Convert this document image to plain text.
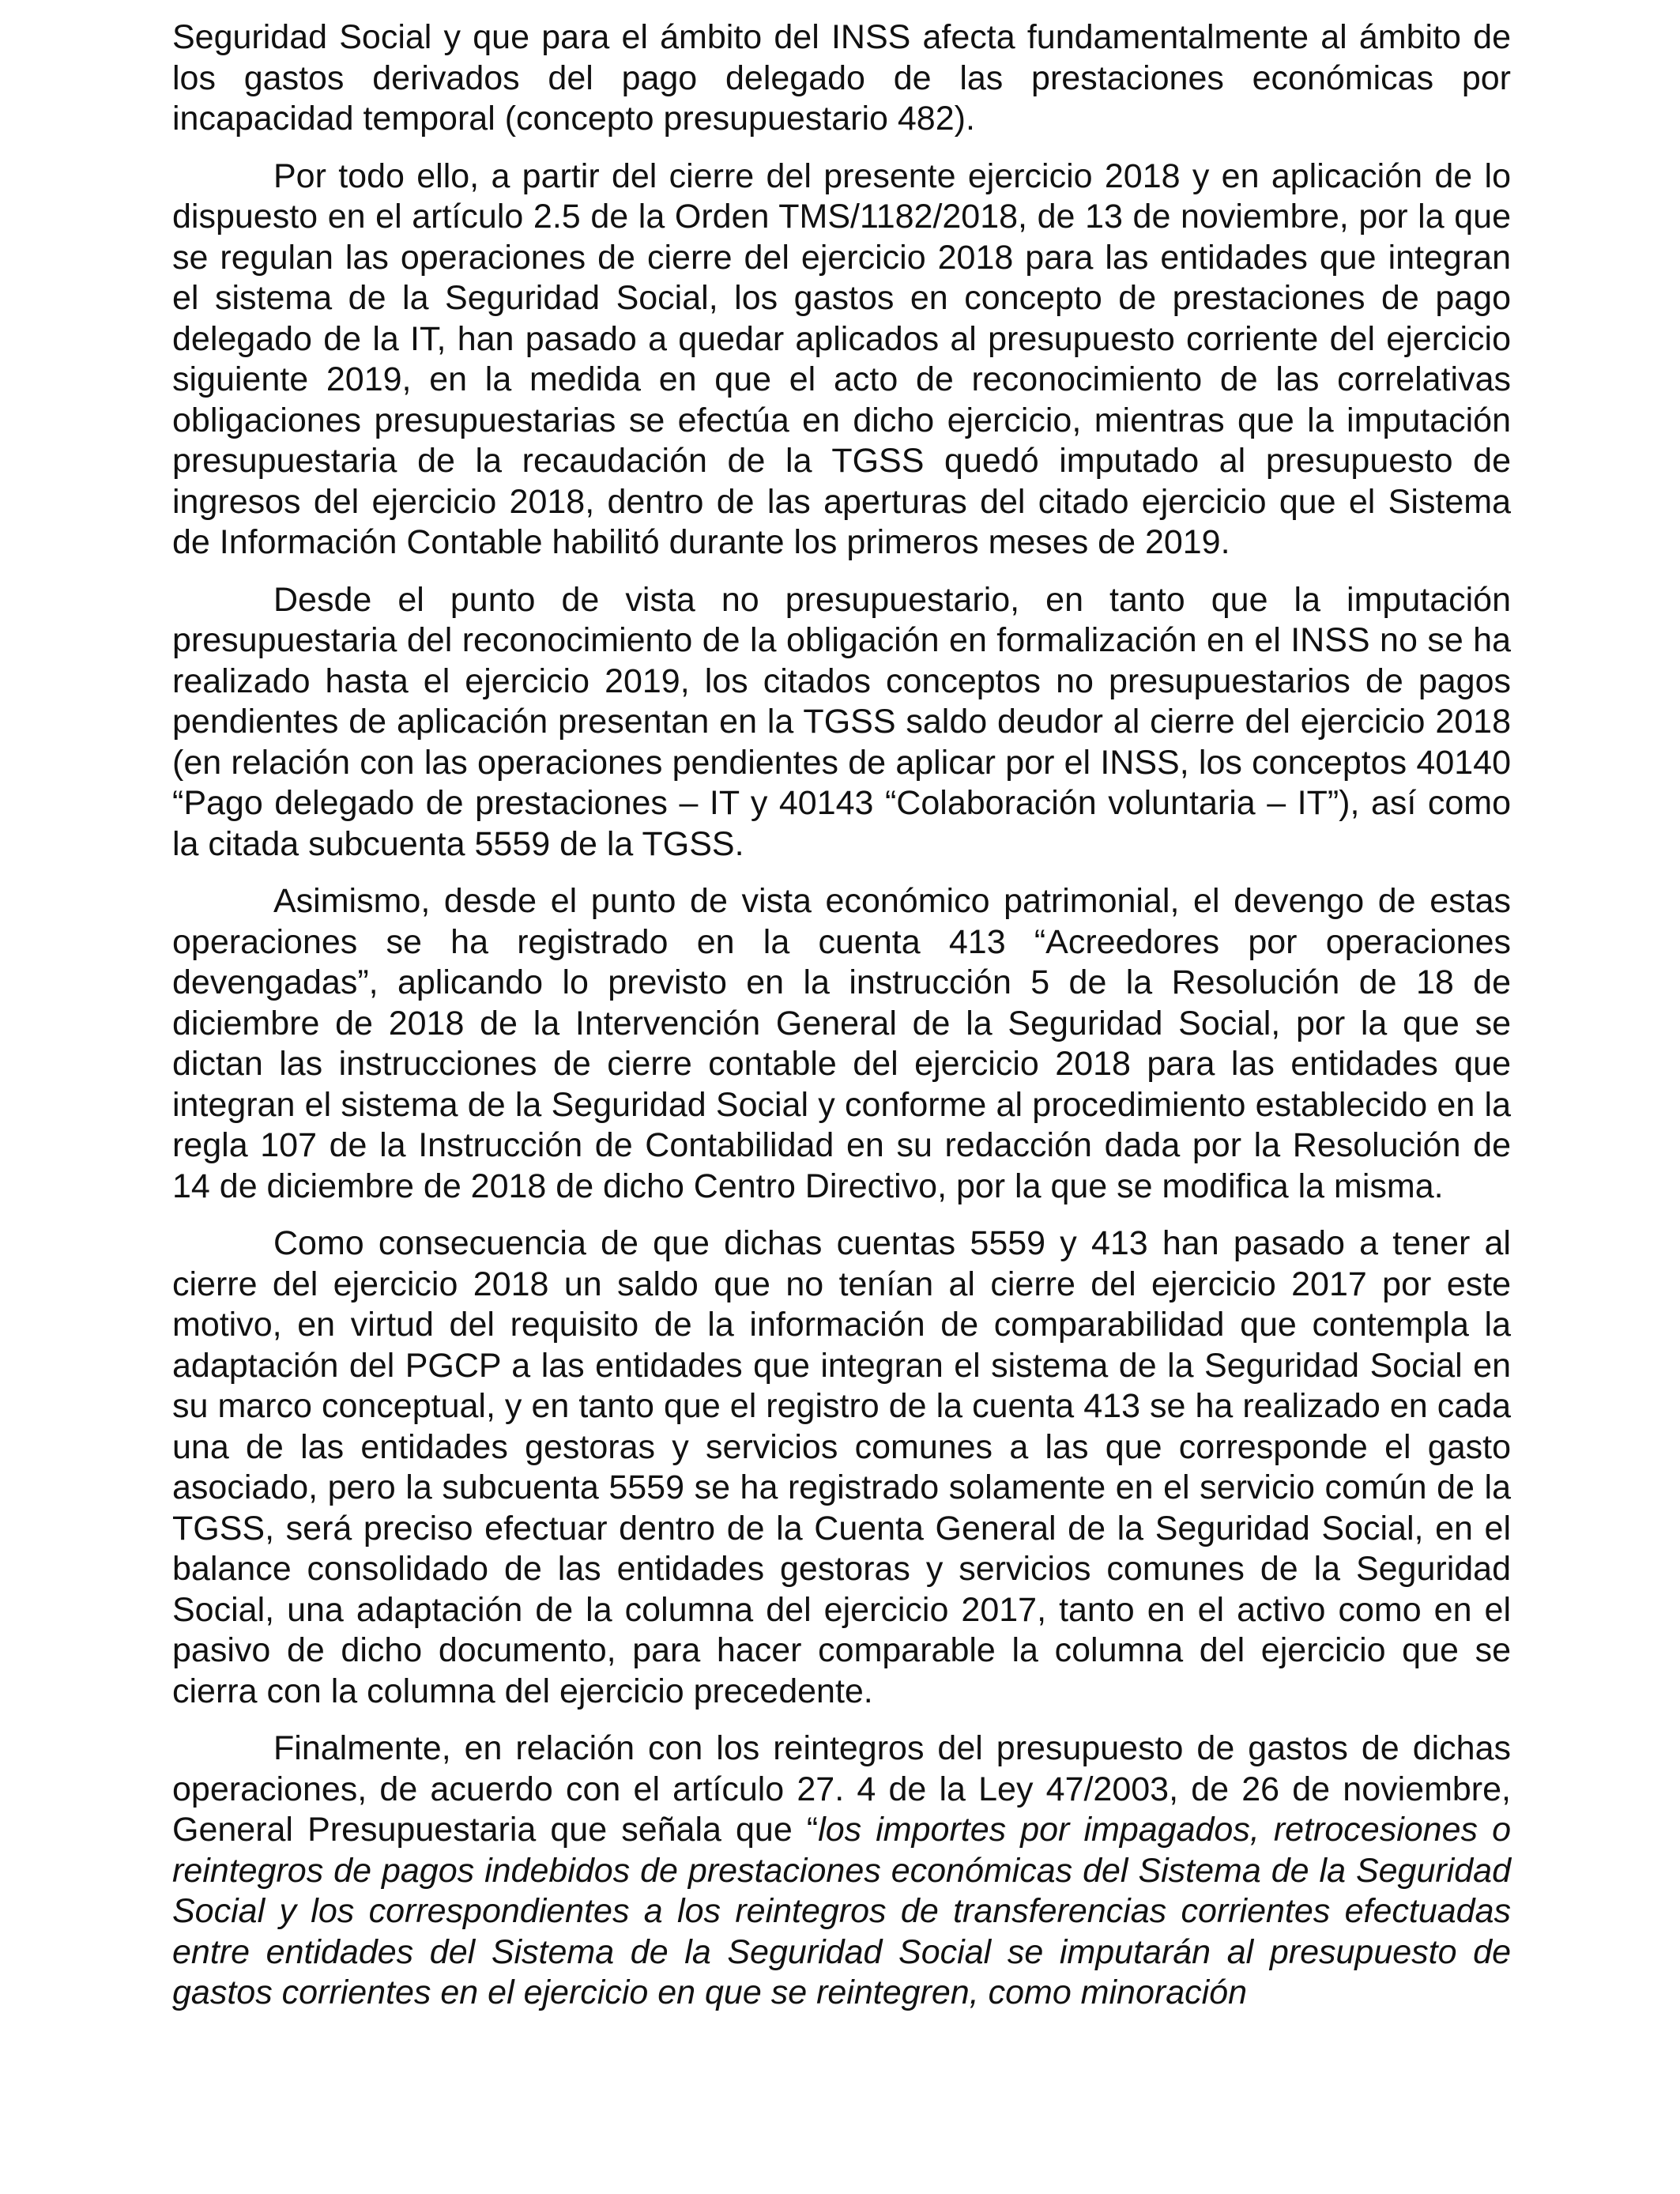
Seguridad Social y que para el ámbito del INSS afecta fundamentalmente al ámbito de los gastos derivados del pago delegado de las prestaciones económicas por incapacidad temporal (concepto presupuestario 482).

Por todo ello, a partir del cierre del presente ejercicio 2018 y en aplicación de lo dispuesto en el artículo 2.5 de la Orden TMS/1182/2018, de 13 de noviembre, por la que se regulan las operaciones de cierre del ejercicio 2018 para las entidades que integran el sistema de la Seguridad Social, los gastos en concepto de prestaciones de pago delegado de la IT, han pasado a quedar aplicados al presupuesto corriente del ejercicio siguiente 2019, en la medida en que el acto de reconocimiento de las correlativas obligaciones presupuestarias se efectúa en dicho ejercicio, mientras que la imputación presupuestaria de la recaudación de la TGSS quedó imputado al presupuesto de ingresos del ejercicio 2018, dentro de las aperturas del citado ejercicio que el Sistema de Información Contable habilitó durante los primeros meses de 2019.

Desde el punto de vista no presupuestario, en tanto que la imputación presupuestaria del reconocimiento de la obligación en formalización en el INSS no se ha realizado hasta el ejercicio 2019, los citados conceptos no presupuestarios de pagos pendientes de aplicación presentan en la TGSS saldo deudor al cierre del ejercicio 2018 (en relación con las operaciones pendientes de aplicar por el INSS, los conceptos 40140 “Pago delegado de prestaciones – IT y 40143 “Colaboración voluntaria – IT”), así como la citada subcuenta 5559 de la TGSS.

Asimismo, desde el punto de vista económico patrimonial, el devengo de estas operaciones se ha registrado en la cuenta 413 “Acreedores por operaciones devengadas”, aplicando lo previsto en la instrucción 5 de la Resolución de 18 de diciembre de 2018 de la Intervención General de la Seguridad Social, por la que se dictan las instrucciones de cierre contable del ejercicio 2018 para las entidades que integran el sistema de la Seguridad Social y conforme al procedimiento establecido en la regla 107 de la Instrucción de Contabilidad en su redacción dada por la Resolución de 14 de diciembre de 2018 de dicho Centro Directivo, por la que se modifica la misma.

Como consecuencia de que dichas cuentas 5559 y 413 han pasado a tener al cierre del ejercicio 2018 un saldo que no tenían al cierre del ejercicio 2017 por este motivo, en virtud del requisito de la información de comparabilidad que contempla la adaptación del PGCP a las entidades que integran el sistema de la Seguridad Social en su marco conceptual, y en tanto que el registro de la cuenta 413 se ha realizado en cada una de las entidades gestoras y servicios comunes a las que corresponde el gasto asociado, pero la subcuenta 5559 se ha registrado solamente en el servicio común de la TGSS, será preciso efectuar dentro de la Cuenta General de la Seguridad Social, en el balance consolidado de las entidades gestoras y servicios comunes de la Seguridad Social, una adaptación de la columna del ejercicio 2017, tanto en el activo como en el pasivo de dicho documento, para hacer comparable la columna del ejercicio que se cierra con la columna del ejercicio precedente.

Finalmente, en relación con los reintegros del presupuesto de gastos de dichas operaciones, de acuerdo con el artículo 27. 4 de la Ley 47/2003, de 26 de noviembre, General Presupuestaria que señala que “los importes por impagados, retrocesiones o reintegros de pagos indebidos de prestaciones económicas del Sistema de la Seguridad Social y los correspondientes a los reintegros de transferencias corrientes efectuadas entre entidades del Sistema de la Seguridad Social se imputarán al presupuesto de gastos corrientes en el ejercicio en que se reintegren, como minoración
